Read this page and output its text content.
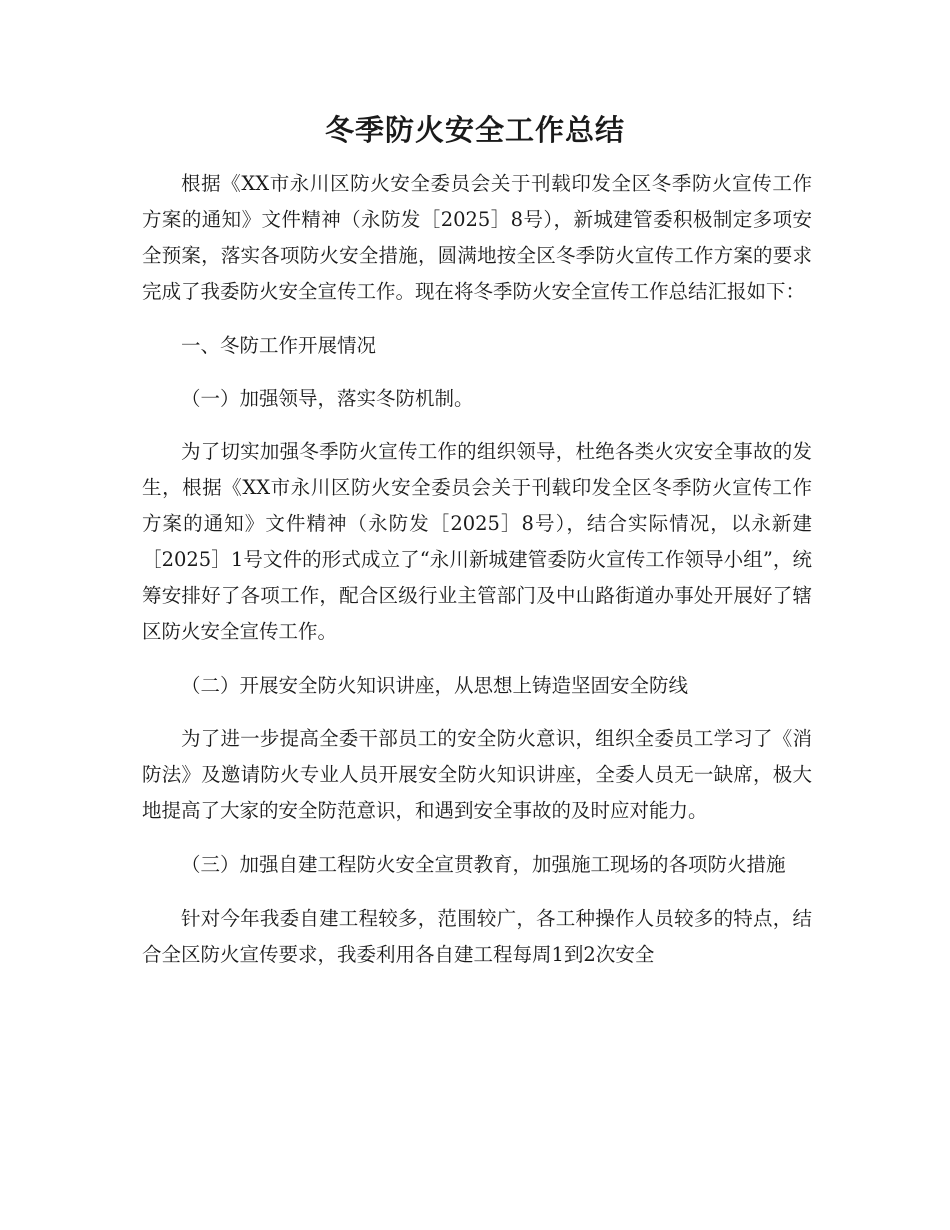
冬季防火安全工作总结

根据《XX市永川区防火安全委员会关于刊载印发全区冬季防火宣传工作方案的通知》文件精神（永防发［2025］8号），新城建管委积极制定多项安全预案，落实各项防火安全措施，圆满地按全区冬季防火宣传工作方案的要求完成了我委防火安全宣传工作。现在将冬季防火安全宣传工作总结汇报如下：

一、冬防工作开展情况

（一）加强领导，落实冬防机制。

为了切实加强冬季防火宣传工作的组织领导，杜绝各类火灾安全事故的发生，根据《XX市永川区防火安全委员会关于刊载印发全区冬季防火宣传工作方案的通知》文件精神（永防发［2025］8号），结合实际情况，以永新建［2025］1号文件的形式成立了“永川新城建管委防火宣传工作领导小组”，统筹安排好了各项工作，配合区级行业主管部门及中山路街道办事处开展好了辖区防火安全宣传工作。

（二）开展安全防火知识讲座，从思想上铸造坚固安全防线

为了进一步提高全委干部员工的安全防火意识，组织全委员工学习了《消防法》及邀请防火专业人员开展安全防火知识讲座，全委人员无一缺席，极大地提高了大家的安全防范意识，和遇到安全事故的及时应对能力。

（三）加强自建工程防火安全宣贯教育，加强施工现场的各项防火措施

针对今年我委自建工程较多，范围较广，各工种操作人员较多的特点，结合全区防火宣传要求，我委利用各自建工程每周1到2次安全
